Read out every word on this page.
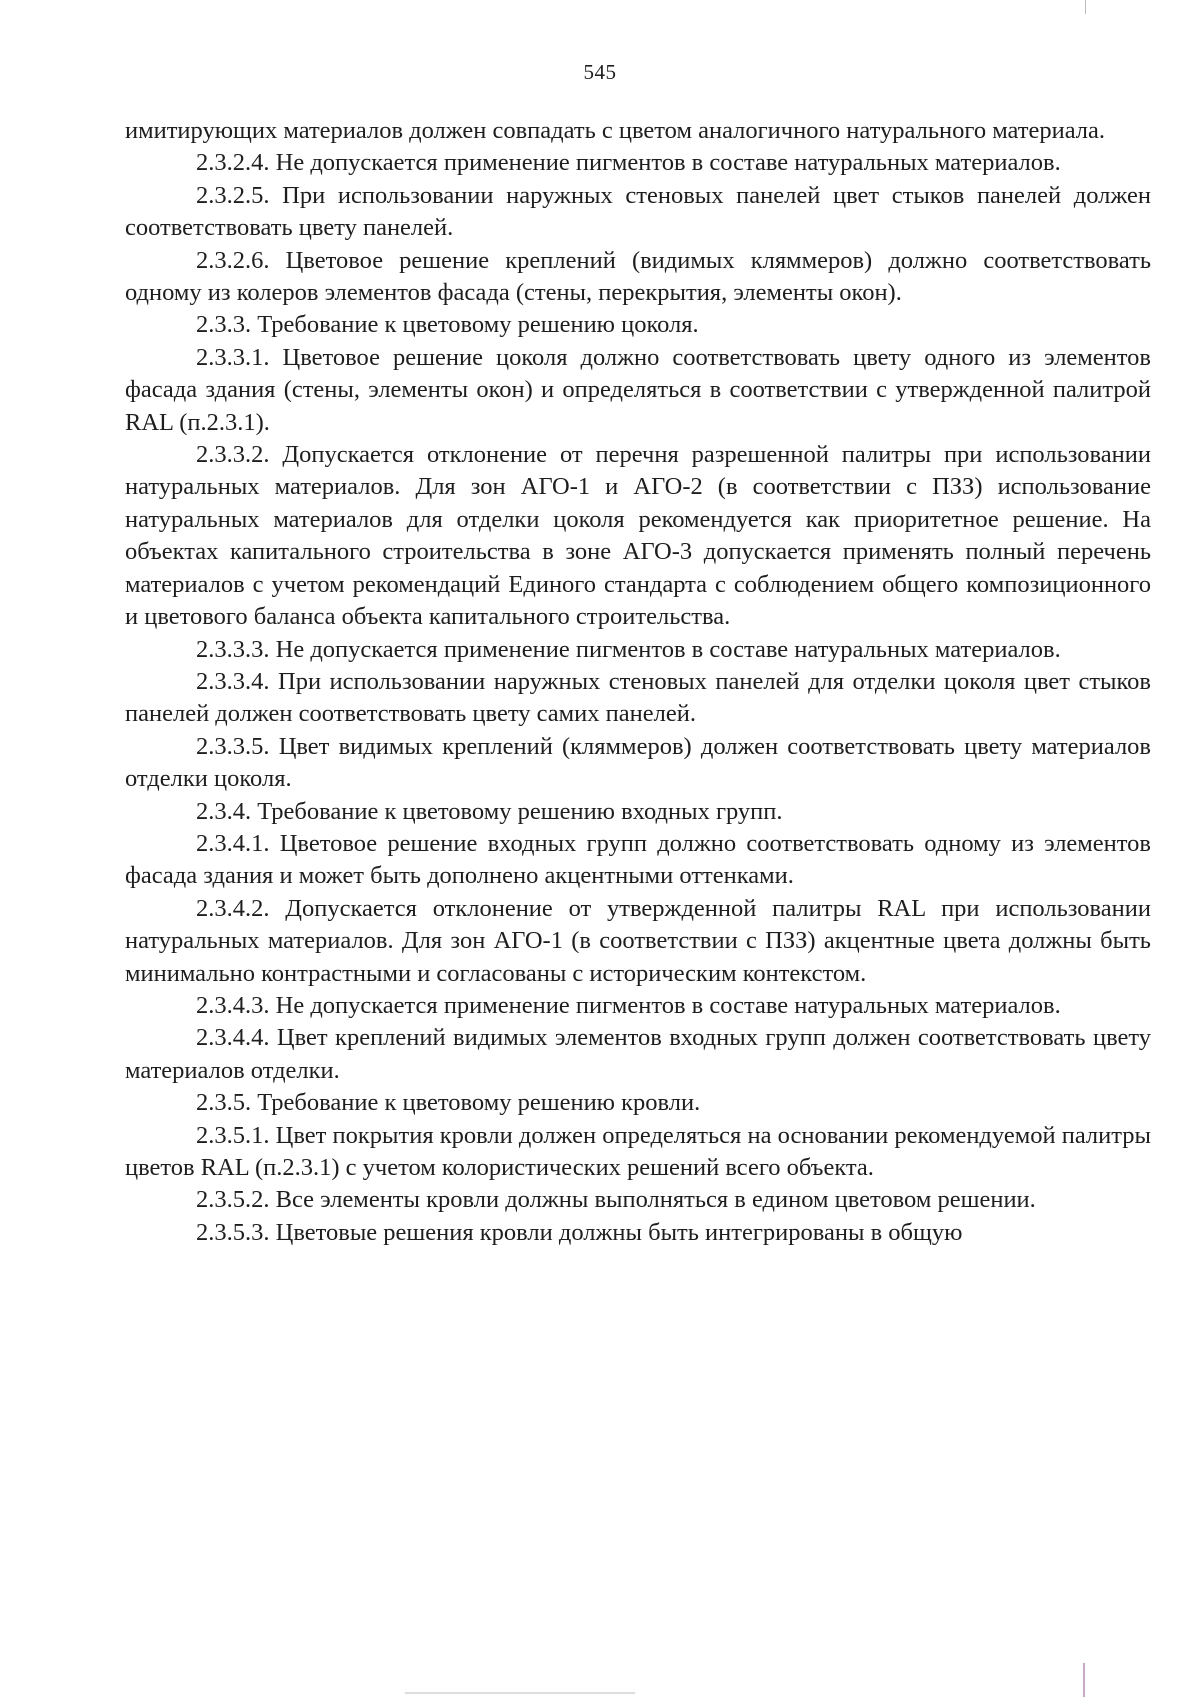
545

имитирующих материалов должен совпадать с цветом аналогичного натурального материала.

2.3.2.4. Не допускается применение пигментов в составе натуральных материалов.

2.3.2.5. При использовании наружных стеновых панелей цвет стыков панелей должен соответствовать цвету панелей.

2.3.2.6. Цветовое решение креплений (видимых кляммеров) должно соответствовать одному из колеров элементов фасада (стены, перекрытия, элементы окон).

2.3.3. Требование к цветовому решению цоколя.

2.3.3.1. Цветовое решение цоколя должно соответствовать цвету одного из элементов фасада здания (стены, элементы окон) и определяться в соответствии с утвержденной палитрой RAL (п.2.3.1).

2.3.3.2. Допускается отклонение от перечня разрешенной палитры при использовании натуральных материалов. Для зон АГО-1 и АГО-2 (в соответствии с ПЗЗ) использование натуральных материалов для отделки цоколя рекомендуется как приоритетное решение. На объектах капитального строительства в зоне АГО-3 допускается применять полный перечень материалов с учетом рекомендаций Единого стандарта с соблюдением общего композиционного и цветового баланса объекта капитального строительства.

2.3.3.3. Не допускается применение пигментов в составе натуральных материалов.

2.3.3.4. При использовании наружных стеновых панелей для отделки цоколя цвет стыков панелей должен соответствовать цвету самих панелей.

2.3.3.5. Цвет видимых креплений (кляммеров) должен соответствовать цвету материалов отделки цоколя.

2.3.4. Требование к цветовому решению входных групп.

2.3.4.1. Цветовое решение входных групп должно соответствовать одному из элементов фасада здания и может быть дополнено акцентными оттенками.

2.3.4.2. Допускается отклонение от утвержденной палитры RAL при использовании натуральных материалов. Для зон АГО-1 (в соответствии с ПЗЗ) акцентные цвета должны быть минимально контрастными и согласованы с историческим контекстом.

2.3.4.3. Не допускается применение пигментов в составе натуральных материалов.

2.3.4.4. Цвет креплений видимых элементов входных групп должен соответствовать цвету материалов отделки.

2.3.5. Требование к цветовому решению кровли.

2.3.5.1. Цвет покрытия кровли должен определяться на основании рекомендуемой палитры цветов RAL (п.2.3.1) с учетом колористических решений всего объекта.

2.3.5.2. Все элементы кровли должны выполняться в едином цветовом решении.

2.3.5.3. Цветовые решения кровли должны быть интегрированы в общую
